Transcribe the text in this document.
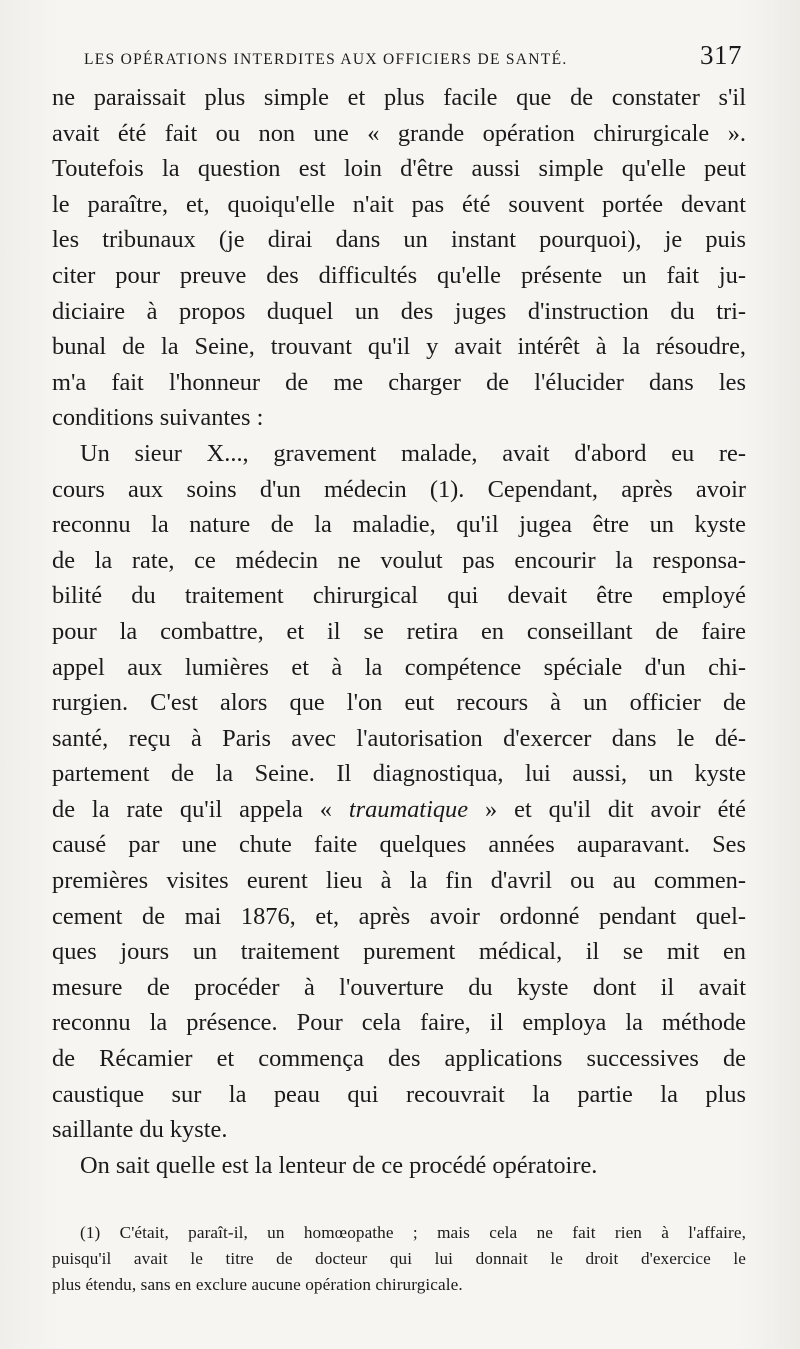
LES OPÉRATIONS INTERDITES AUX OFFICIERS DE SANTÉ.	317
ne paraissait plus simple et plus facile que de constater s'il
avait été fait ou non une « grande opération chirurgicale ».
Toutefois la question est loin d'être aussi simple qu'elle peut
le paraître, et, quoiqu'elle n'ait pas été souvent portée devant
les tribunaux (je dirai dans un instant pourquoi), je puis
citer pour preuve des difficultés qu'elle présente un fait ju-
diciaire à propos duquel un des juges d'instruction du tri-
bunal de la Seine, trouvant qu'il y avait intérêt à la résoudre,
m'a fait l'honneur de me charger de l'élucider dans les
conditions suivantes :
Un sieur X..., gravement malade, avait d'abord eu re-
cours aux soins d'un médecin (1). Cependant, après avoir
reconnu la nature de la maladie, qu'il jugea être un kyste
de la rate, ce médecin ne voulut pas encourir la responsa-
bilité du traitement chirurgical qui devait être employé
pour la combattre, et il se retira en conseillant de faire
appel aux lumières et à la compétence spéciale d'un chi-
rurgien. C'est alors que l'on eut recours à un officier de
santé, reçu à Paris avec l'autorisation d'exercer dans le dé-
partement de la Seine. Il diagnostiqua, lui aussi, un kyste
de la rate qu'il appela « traumatique » et qu'il dit avoir été
causé par une chute faite quelques années auparavant. Ses
premières visites eurent lieu à la fin d'avril ou au commen-
cement de mai 1876, et, après avoir ordonné pendant quel-
ques jours un traitement purement médical, il se mit en
mesure de procéder à l'ouverture du kyste dont il avait
reconnu la présence. Pour cela faire, il employa la méthode
de Récamier et commença des applications successives de
caustique sur la peau qui recouvrait la partie la plus
saillante du kyste.
On sait quelle est la lenteur de ce procédé opératoire.
(1) C'était, paraît-il, un homœopathe ; mais cela ne fait rien à l'affaire,
puisqu'il avait le titre de docteur qui lui donnait le droit d'exercice le
plus étendu, sans en exclure aucune opération chirurgicale.
